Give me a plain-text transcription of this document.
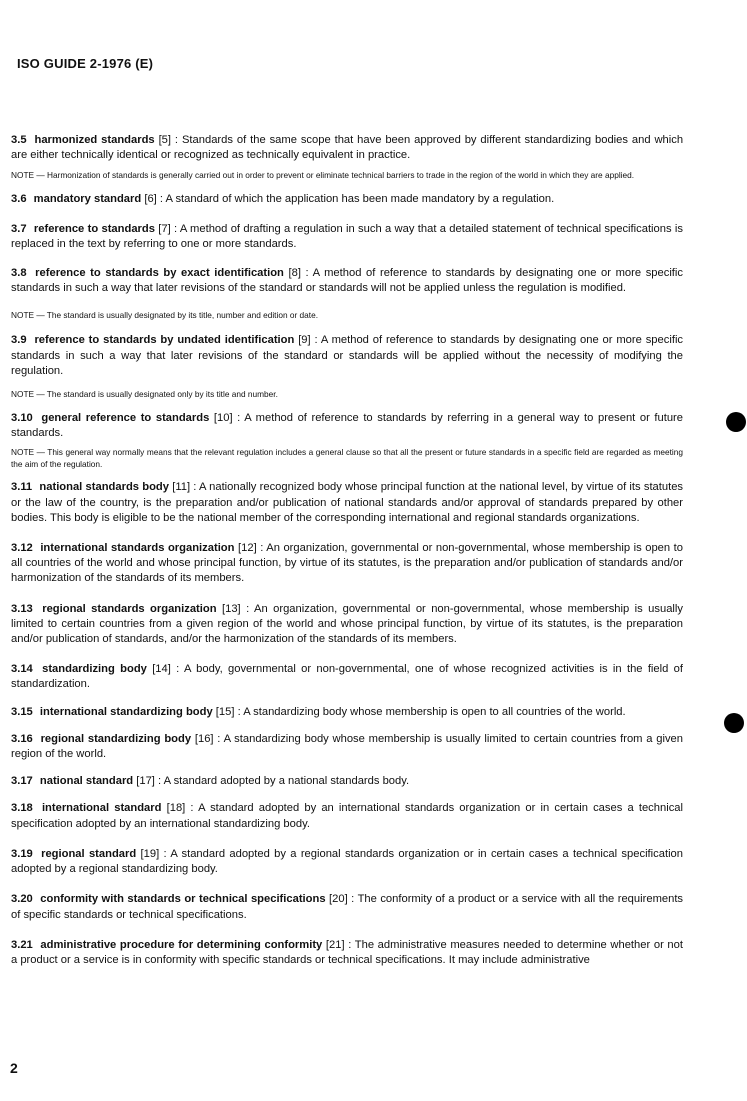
ISO GUIDE 2-1976 (E)

3.5 harmonized standards [5] : Standards of the same scope that have been approved by different standardizing bodies and which are either technically identical or recognized as technically equivalent in practice.

NOTE — Harmonization of standards is generally carried out in order to prevent or eliminate technical barriers to trade in the region of the world in which they are applied.

3.6 mandatory standard [6] : A standard of which the application has been made mandatory by a regulation.

3.7 reference to standards [7] : A method of drafting a regulation in such a way that a detailed statement of technical specifications is replaced in the text by referring to one or more standards.

3.8 reference to standards by exact identification [8] : A method of reference to standards by designating one or more specific standards in such a way that later revisions of the standard or standards will not be applied unless the regulation is modified.

NOTE — The standard is usually designated by its title, number and edition or date.

3.9 reference to standards by undated identification [9] : A method of reference to standards by designating one or more specific standards in such a way that later revisions of the standard or standards will be applied without the necessity of modifying the regulation.

NOTE — The standard is usually designated only by its title and number.

3.10 general reference to standards [10] : A method of reference to standards by referring in a general way to present or future standards.

NOTE — This general way normally means that the relevant regulation includes a general clause so that all the present or future standards in a specific field are regarded as meeting the aim of the regulation.

3.11 national standards body [11] : A nationally recognized body whose principal function at the national level, by virtue of its statutes or the law of the country, is the preparation and/or publication of national standards and/or approval of standards prepared by other bodies. This body is eligible to be the national member of the corresponding international and regional standards organizations.

3.12 international standards organization [12] : An organization, governmental or non-governmental, whose membership is open to all countries of the world and whose principal function, by virtue of its statutes, is the preparation and/or publication of standards and/or harmonization of the standards of its members.

3.13 regional standards organization [13] : An organization, governmental or non-governmental, whose membership is usually limited to certain countries from a given region of the world and whose principal function, by virtue of its statutes, is the preparation and/or publication of standards, and/or the harmonization of the standards of its members.

3.14 standardizing body [14] : A body, governmental or non-governmental, one of whose recognized activities is in the field of standardization.

3.15 international standardizing body [15] : A standardizing body whose membership is open to all countries of the world.

3.16 regional standardizing body [16] : A standardizing body whose membership is usually limited to certain countries from a given region of the world.

3.17 national standard [17] : A standard adopted by a national standards body.

3.18 international standard [18] : A standard adopted by an international standards organization or in certain cases a technical specification adopted by an international standardizing body.

3.19 regional standard [19] : A standard adopted by a regional standards organization or in certain cases a technical specification adopted by a regional standardizing body.

3.20 conformity with standards or technical specifications [20] : The conformity of a product or a service with all the requirements of specific standards or technical specifications.

3.21 administrative procedure for determining conformity [21] : The administrative measures needed to determine whether or not a product or a service is in conformity with specific standards or technical specifications. It may include administrative

2
